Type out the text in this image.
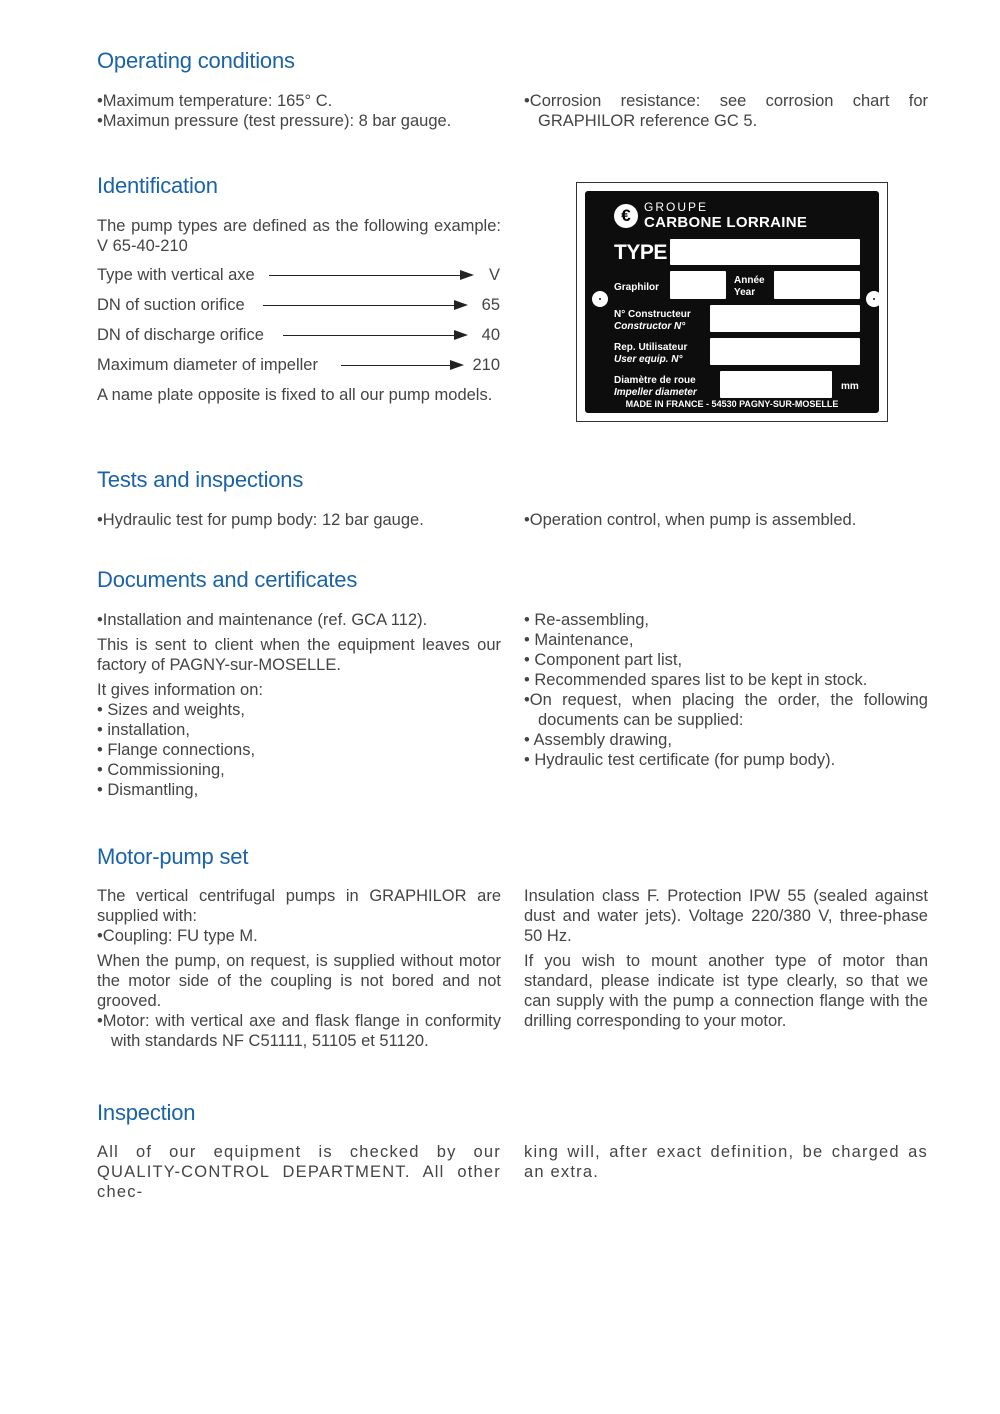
Operating conditions

•Maximum temperature: 165° C.

•Maximun pressure (test pressure): 8 bar gauge.

•Corrosion resistance: see corrosion chart for GRAPHILOR reference GC 5.

Identification

The pump types are defined as the following example: V 65-40-210

Type with vertical axe	V
DN of suction orifice	65
DN of discharge orifice	40
Maximum diameter of impeller	210

A name plate opposite is fixed to all our pump models.

€	GROUPE
CARBONE LORRAINE
TYPE
Graphilor
Année
Year
N° Constructeur
Constructor N°
Rep. Utilisateur
User equip. N°
Diamètre de roue
Impeller diameter
mm
MADE IN FRANCE - 54530 PAGNY-SUR-MOSELLE
Tests and inspections

•Hydraulic test for pump body: 12 bar gauge.	•Operation control, when pump is assembled.

Documents and certificates

•Installation and maintenance (ref. GCA 112).

This is sent to client when the equipment leaves our factory of PAGNY-sur-MOSELLE.

It gives information on:

• Sizes and weights,

• installation,

• Flange connections,

• Commissioning,

• Dismantling,

• Re-assembling,

• Maintenance,

• Component part list,

• Recommended spares list to be kept in stock.

•On request, when placing the order, the following documents can be supplied:

• Assembly drawing,

• Hydraulic test certificate (for pump body).

Motor-pump set

The vertical centrifugal pumps in GRAPHILOR are supplied with:

•Coupling: FU type M.

When the pump, on request, is supplied without motor the motor side of the coupling is not bored and not grooved.

•Motor: with vertical axe and flask flange in conformity with standards NF C51111, 51105 et 51120.

Insulation class F. Protection IPW 55 (sealed against dust and water jets). Voltage 220/380 V, three-phase 50 Hz.

If you wish to mount another type of motor than standard, please indicate ist type clearly, so that we can supply with the pump a connection flange with the drilling corresponding to your motor.

Inspection

All of our equipment is checked by our QUALITY-CONTROL DEPARTMENT. All other chec-

king will, after exact definition, be charged as an extra.
